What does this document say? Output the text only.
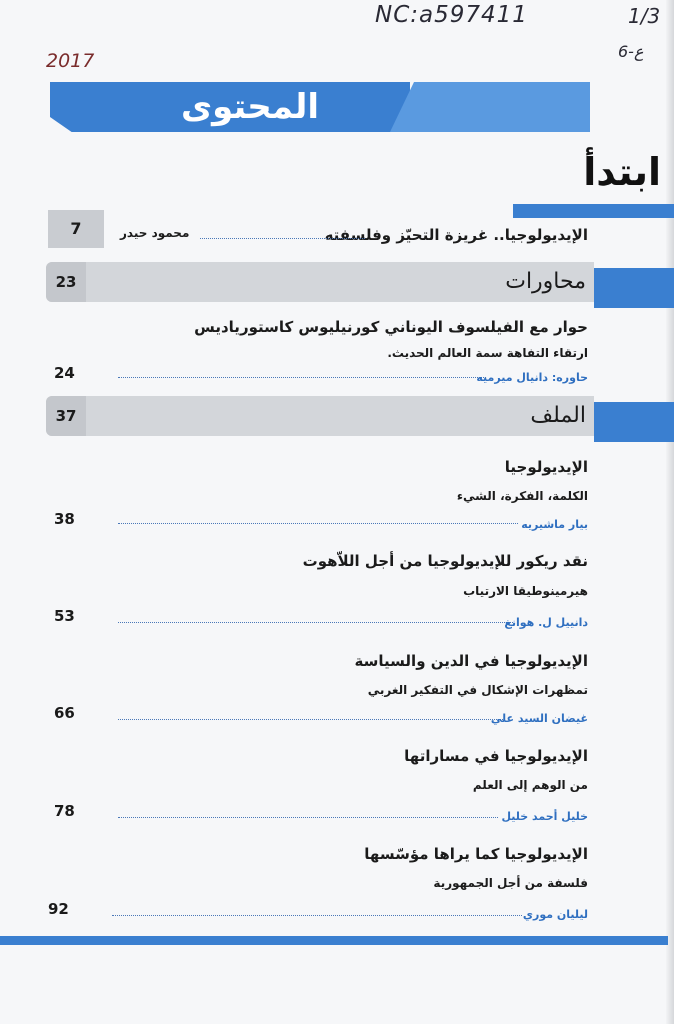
NC:a597411
2017
1/3
6-ع
المحتوى
ابتدأ
7	الإيديولوجيا.. غريزة التحيّز وفلسفته
محمود حيدر
23	محاورات
حوار مع الفيلسوف اليوناني كورنيليوس كاستورياديس
ارتقاء التفاهة سمة العالم الحديث.
24	حاوره: دانيال ميرميه
37	الملف
الإيديولوجيا
الكلمة، الفكرة، الشيء
38	بيار ماشيريه
نقد ريكور للإيديولوجيا من أجل اللاّهوت
هيرمينوطيقا الارتياب
53	دانييل ل. هوانغ
الإيديولوجيا في الدين والسياسة
تمظهرات الإشكال في التفكير الغربي
66	غيضان السيد علي
الإيديولوجيا في مساراتها
من الوهم إلى العلم
78	خليل أحمد خليل
الإيديولوجيا كما يراها مؤسّسها
فلسفة من أجل الجمهورية
92	ليليان موري
